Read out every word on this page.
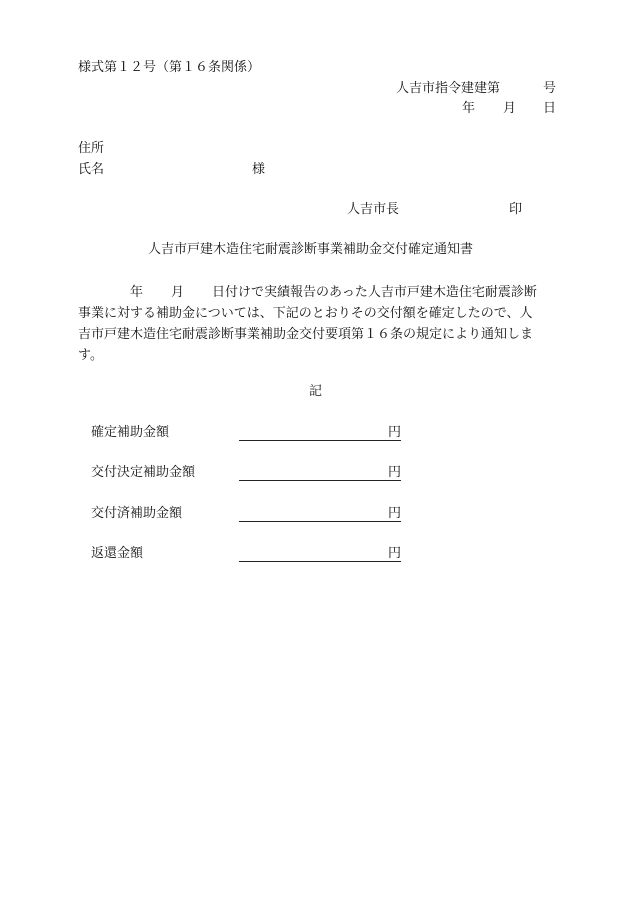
様式第１２号（第１６条関係）
人吉市指令建建第	号
年 月 日
住所
氏名	様
人吉市長	印
人吉市戸建木造住宅耐震診断事業補助金交付確定通知書
年 月 日付けで実績報告のあった人吉市戸建木造住宅耐震診断
事業に対する補助金については、下記のとおりその交付額を確定したので、人
吉市戸建木造住宅耐震診断事業補助金交付要項第１６条の規定により通知しま
す。
記
確定補助金額	円
交付決定補助金額	円
交付済補助金額	円
返還金額	円
